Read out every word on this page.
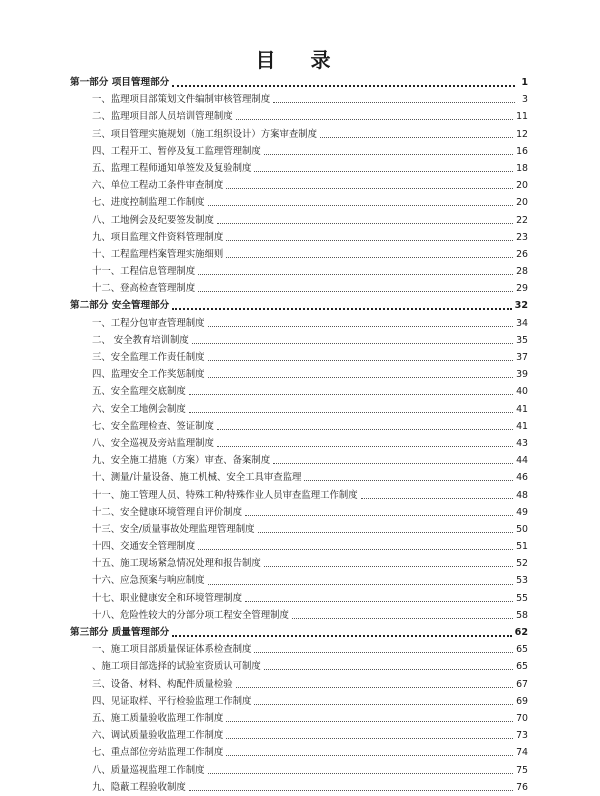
目 录
第一部分 项目管理部分	1
一、监理项目部策划文件编制审核管理制度	3
二、监理项目部人员培训管理制度	11
三、项目管理实施规划（施工组织设计）方案审查制度	12
四、工程开工、暂停及复工监理管理制度	16
五、监理工程师通知单签发及复验制度	18
六、单位工程动工条件审查制度	20
七、进度控制监理工作制度	20
八、工地例会及纪要签发制度	22
九、项目监理文件资料管理制度	23
十、工程监理档案管理实施细则	26
十一、工程信息管理制度	28
十二、登高检查管理制度	29
第二部分 安全管理部分	32
一、工程分包审查管理制度	34
二、 安全教育培训制度	35
三、安全监理工作责任制度	37
四、监理安全工作奖惩制度	39
五、安全监理交底制度	40
六、安全工地例会制度	41
七、安全监理检查、签证制度	41
八、安全巡视及旁站监理制度	43
九、安全施工措施（方案）审查、备案制度	44
十、测量/计量设备、施工机械、安全工具审查监理	46
十一、施工管理人员、特殊工种/特殊作业人员审查监理工作制度	48
十二、安全健康环境管理自评价制度	49
十三、安全/质量事故处理监理管理制度	50
十四、交通安全管理制度	51
十五、施工现场紧急情况处理和报告制度	52
十六、应急预案与响应制度	53
十七、职业健康安全和环境管理制度	55
十八、危险性较大的分部分项工程安全管理制度	58
第三部分 质量管理部分	62
一、施工项目部质量保证体系检查制度	65
、施工项目部选择的试验室资质认可制度	65
三、设备、材料、构配件质量检验	67
四、见证取样、平行检验监理工作制度	69
五、施工质量验收监理工作制度	70
六、调试质量验收监理工作制度	73
七、重点部位旁站监理工作制度	74
八、质量巡视监理工作制度	75
九、隐蔽工程验收制度	76
